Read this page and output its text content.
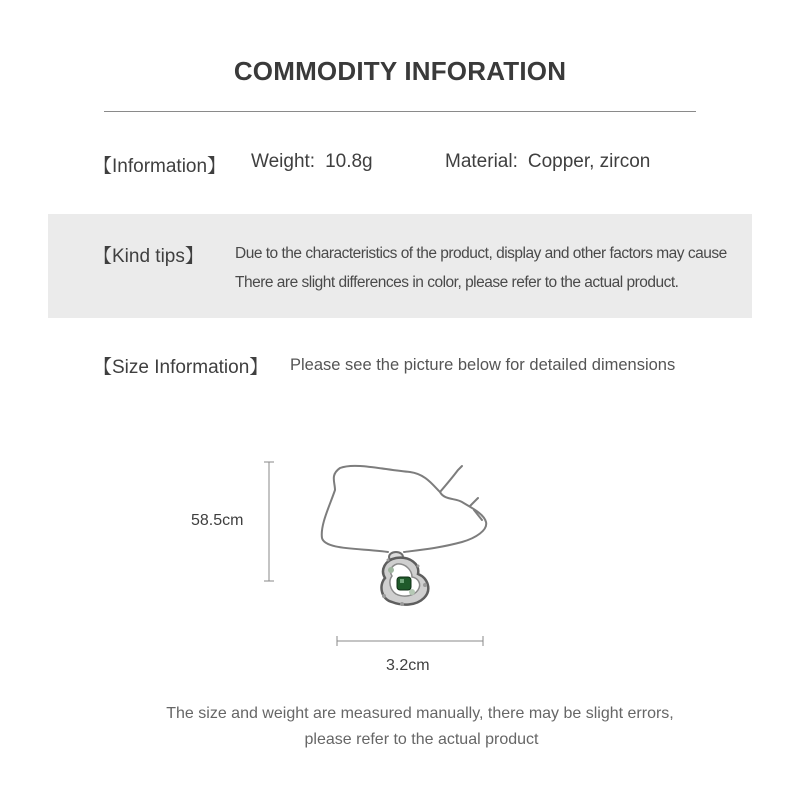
COMMODITY INFORATION
【Information】 Weight: 10.8g	Material: Copper, zircon
【Kind tips】 Due to the characteristics of the product, display and other factors may cause
There are slight differences in color, please refer to the actual product.
【Size Information】 Please see the picture below for detailed dimensions
58.5cm
3.2cm
The size and weight are measured manually, there may be slight errors,
please refer to the actual product
